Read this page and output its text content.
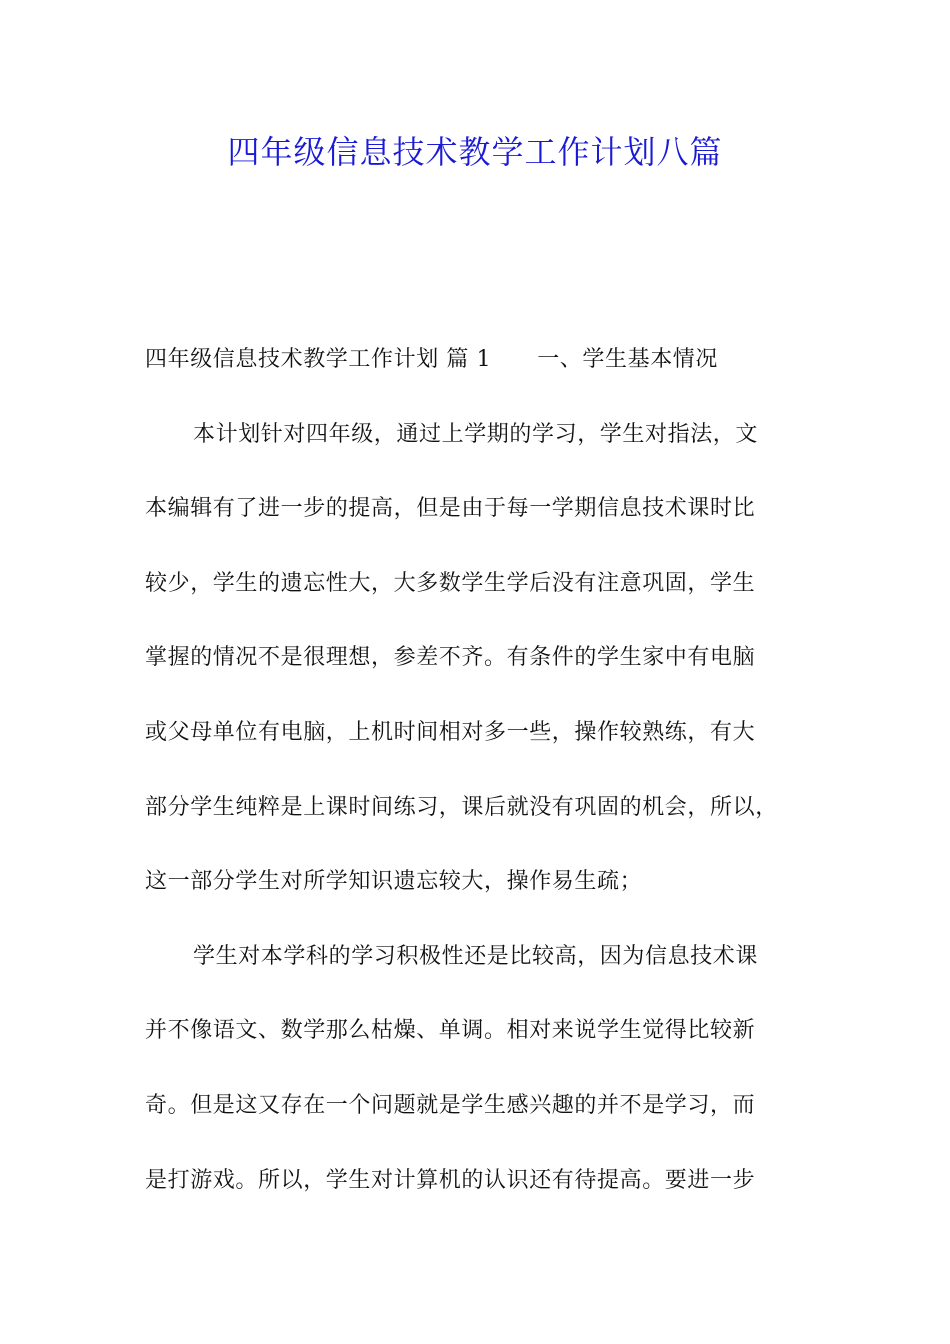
四年级信息技术教学工作计划八篇
四年级信息技术教学工作计划 篇 1 一、学生基本情况
本计划针对四年级，通过上学期的学习，学生对指法，文
本编辑有了进一步的提高，但是由于每一学期信息技术课时比
较少，学生的遗忘性大，大多数学生学后没有注意巩固，学生
掌握的情况不是很理想，参差不齐。有条件的学生家中有电脑
或父母单位有电脑，上机时间相对多一些，操作较熟练，有大
部分学生纯粹是上课时间练习，课后就没有巩固的机会，所以，
这一部分学生对所学知识遗忘较大，操作易生疏；
学生对本学科的学习积极性还是比较高，因为信息技术课
并不像语文、数学那么枯燥、单调。相对来说学生觉得比较新
奇。但是这又存在一个问题就是学生感兴趣的并不是学习，而
是打游戏。所以，学生对计算机的认识还有待提高。要进一步
